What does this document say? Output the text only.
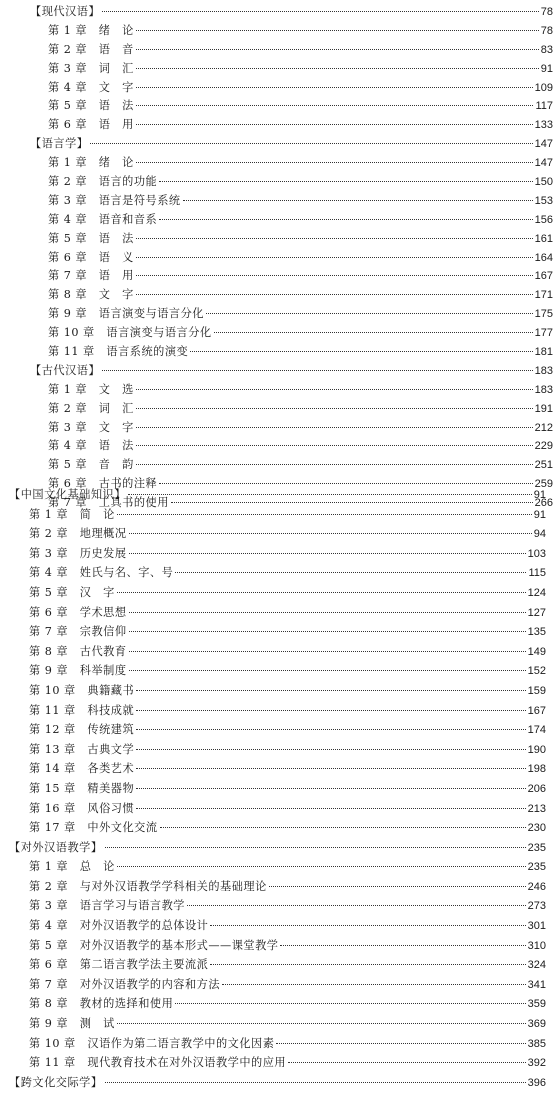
【现代汉语】	78
第 1 章　绪　论	78
第 2 章　语　音	83
第 3 章　词　汇	91
第 4 章　文　字	109
第 5 章　语　法	117
第 6 章　语　用	133
【语言学】	147
第 1 章　绪　论	147
第 2 章　语言的功能	150
第 3 章　语言是符号系统	153
第 4 章　语音和音系	156
第 5 章　语　法	161
第 6 章　语　义	164
第 7 章　语　用	167
第 8 章　文　字	171
第 9 章　语言演变与语言分化	175
第 10 章　语言演变与语言分化	177
第 11 章　语言系统的演变	181
【古代汉语】	183
第 1 章　文　选	183
第 2 章　词　汇	191
第 3 章　文　字	212
第 4 章　语　法	229
第 5 章　音　韵	251
第 6 章　古书的注释	259
第 7 章　工具书的使用	266
【中国文化基础知识】	91
第 1 章　简　论	91
第 2 章　地理概况	94
第 3 章　历史发展	103
第 4 章　姓氏与名、字、号	115
第 5 章　汉　字	124
第 6 章　学术思想	127
第 7 章　宗教信仰	135
第 8 章　古代教育	149
第 9 章　科举制度	152
第 10 章　典籍藏书	159
第 11 章　科技成就	167
第 12 章　传统建筑	174
第 13 章　古典文学	190
第 14 章　各类艺术	198
第 15 章　精美器物	206
第 16 章　风俗习惯	213
第 17 章　中外文化交流	230
【对外汉语教学】	235
第 1 章　总　论	235
第 2 章　与对外汉语教学学科相关的基础理论	246
第 3 章　语言学习与语言教学	273
第 4 章　对外汉语教学的总体设计	301
第 5 章　对外汉语教学的基本形式——课堂教学	310
第 6 章　第二语言教学法主要流派	324
第 7 章　对外汉语教学的内容和方法	341
第 8 章　教材的选择和使用	359
第 9 章　测　试	369
第 10 章　汉语作为第二语言教学中的文化因素	385
第 11 章　现代教育技术在对外汉语教学中的应用	392
【跨文化交际学】	396
